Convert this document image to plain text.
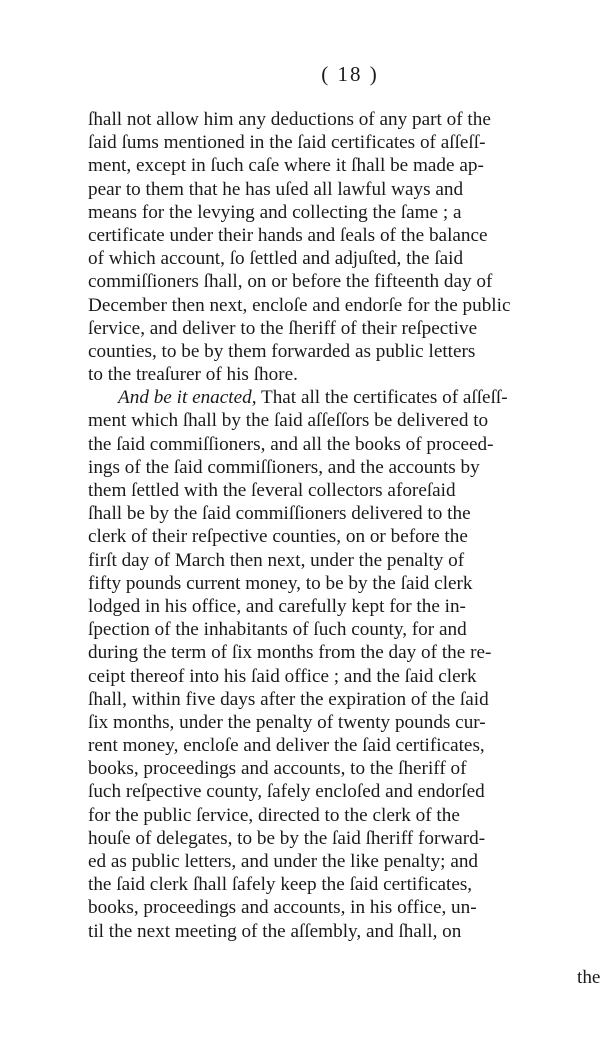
( 18 )
ſhall not allow him any deductions of any part of the
ſaid ſums mentioned in the ſaid certificates of aſſeſſ-
ment, except in ſuch caſe where it ſhall be made ap-
pear to them that he has uſed all lawful ways and
means for the levying and collecting the ſame ; a
certificate under their hands and ſeals of the balance
of which account, ſo ſettled and adjuſted, the ſaid
commiſſioners ſhall, on or before the fifteenth day of
December then next, encloſe and endorſe for the public
ſervice, and deliver to the ſheriff of their reſpective
counties, to be by them forwarded as public letters
to the treaſurer of his ſhore.
And be it enacted, That all the certificates of aſſeſſ-
ment which ſhall by the ſaid aſſeſſors be delivered to
the ſaid commiſſioners, and all the books of proceed-
ings of the ſaid commiſſioners, and the accounts by
them ſettled with the ſeveral collectors aforeſaid
ſhall be by the ſaid commiſſioners delivered to the
clerk of their reſpective counties, on or before the
firſt day of March then next, under the penalty of
fifty pounds current money, to be by the ſaid clerk
lodged in his office, and carefully kept for the in-
ſpection of the inhabitants of ſuch county, for and
during the term of ſix months from the day of the re-
ceipt thereof into his ſaid office ; and the ſaid clerk
ſhall, within five days after the expiration of the ſaid
ſix months, under the penalty of twenty pounds cur-
rent money, encloſe and deliver the ſaid certificates,
books, proceedings and accounts, to the ſheriff of
ſuch reſpective county, ſafely encloſed and endorſed
for the public ſervice, directed to the clerk of the
houſe of delegates, to be by the ſaid ſheriff forward-
ed as public letters, and under the like penalty; and
the ſaid clerk ſhall ſafely keep the ſaid certificates,
books, proceedings and accounts, in his office, un-
til the next meeting of the aſſembly, and ſhall, on
the
